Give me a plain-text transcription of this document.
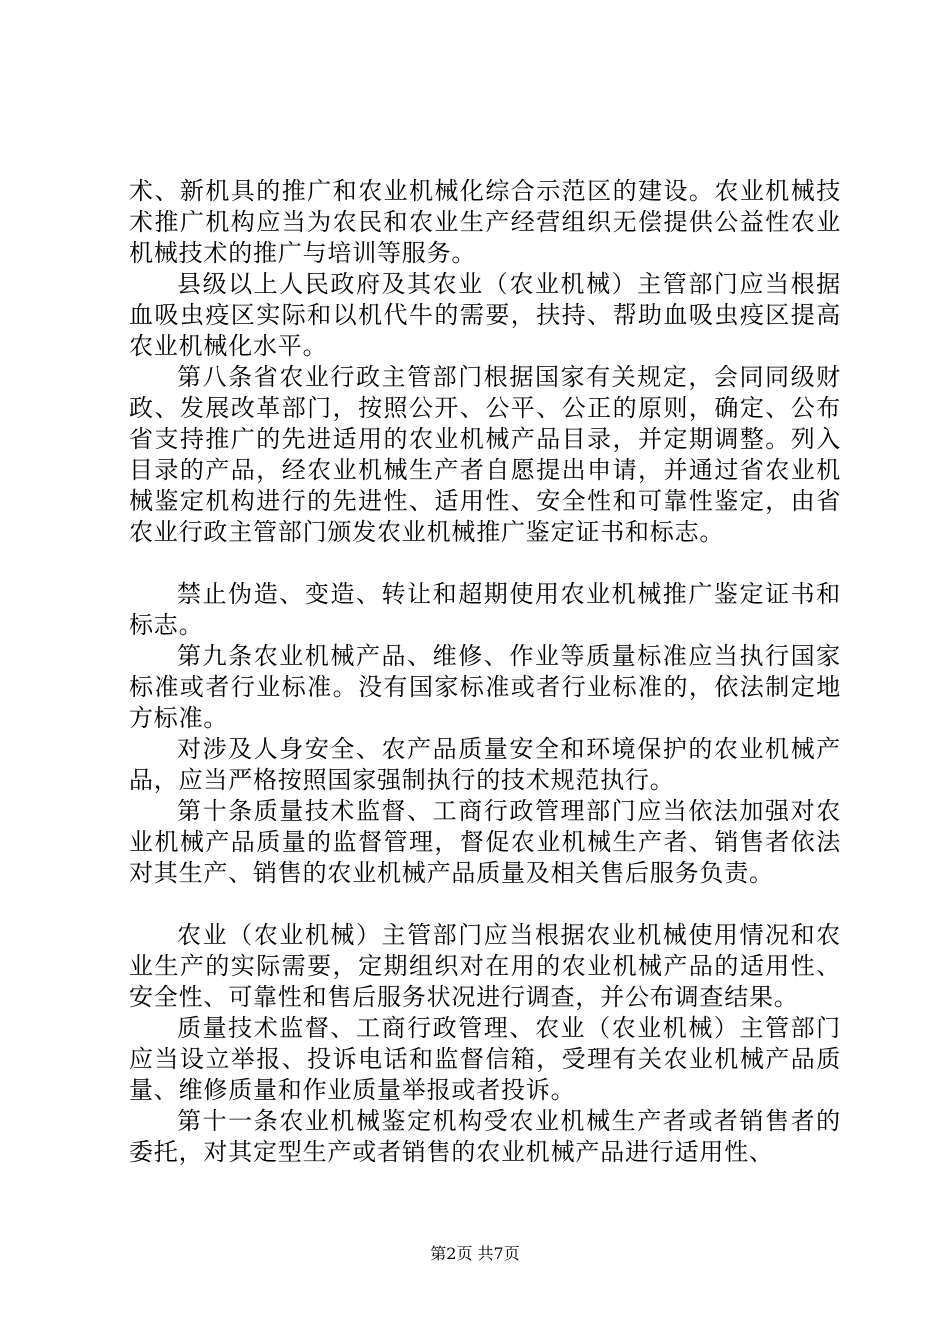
术、新机具的推广和农业机械化综合示范区的建设。农业机械技术推广机构应当为农民和农业生产经营组织无偿提供公益性农业机械技术的推广与培训等服务。

县级以上人民政府及其农业（农业机械）主管部门应当根据血吸虫疫区实际和以机代牛的需要，扶持、帮助血吸虫疫区提高农业机械化水平。

第八条省农业行政主管部门根据国家有关规定，会同同级财政、发展改革部门，按照公开、公平、公正的原则，确定、公布省支持推广的先进适用的农业机械产品目录，并定期调整。列入目录的产品，经农业机械生产者自愿提出申请，并通过省农业机械鉴定机构进行的先进性、适用性、安全性和可靠性鉴定，由省农业行政主管部门颁发农业机械推广鉴定证书和标志。

禁止伪造、变造、转让和超期使用农业机械推广鉴定证书和标志。

第九条农业机械产品、维修、作业等质量标准应当执行国家标准或者行业标准。没有国家标准或者行业标准的，依法制定地方标准。

对涉及人身安全、农产品质量安全和环境保护的农业机械产品，应当严格按照国家强制执行的技术规范执行。

第十条质量技术监督、工商行政管理部门应当依法加强对农业机械产品质量的监督管理，督促农业机械生产者、销售者依法对其生产、销售的农业机械产品质量及相关售后服务负责。

农业（农业机械）主管部门应当根据农业机械使用情况和农业生产的实际需要，定期组织对在用的农业机械产品的适用性、安全性、可靠性和售后服务状况进行调查，并公布调查结果。

质量技术监督、工商行政管理、农业（农业机械）主管部门应当设立举报、投诉电话和监督信箱，受理有关农业机械产品质量、维修质量和作业质量举报或者投诉。

第十一条农业机械鉴定机构受农业机械生产者或者销售者的委托，对其定型生产或者销售的农业机械产品进行适用性、

第2页 共7页
